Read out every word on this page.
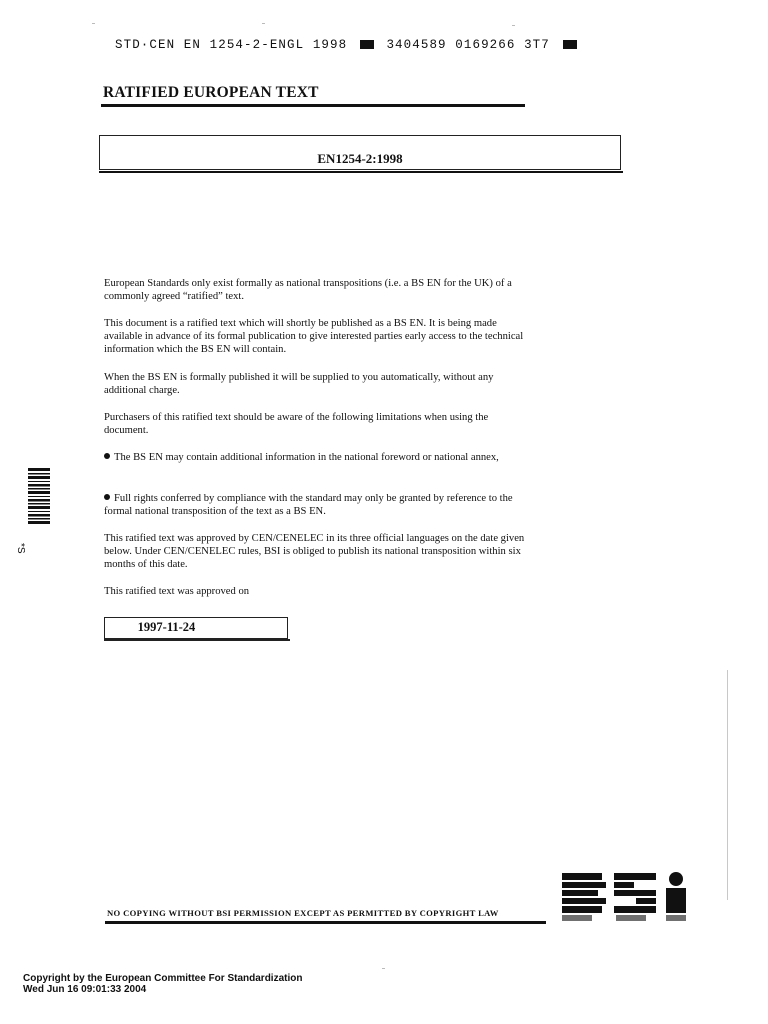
STD·CEN EN 1254-2-ENGL 1998	3404589 0169266 3T7
RATIFIED EUROPEAN TEXT
EN1254-2:1998

European Standards only exist formally as national transpositions (i.e. a BS EN for the UK) of a commonly agreed “ratified” text.

This document is a ratified text which will shortly be published as a BS EN. It is being made available in advance of its formal publication to give interested parties early access to the technical information which the BS EN will contain.

When the BS EN is formally published it will be supplied to you automatically, without any additional charge.

Purchasers of this ratified text should be aware of the following limitations when using the document.

The BS EN may contain additional information in the national foreword or national annex,

Full rights conferred by compliance with the standard may only be granted by reference to the formal national transposition of the text as a BS EN.

This ratified text was approved by CEN/CENELEC in its three official languages on the date given below. Under CEN/CENELEC rules, BSI is obliged to publish its national transposition within six months of this date.

This ratified text was approved on

1997-11-24
*S
NO COPYING WITHOUT BSI PERMISSION EXCEPT AS PERMITTED BY COPYRIGHT LAW

Copyright by the European Committee For Standardization

Wed Jun 16 09:01:33 2004
